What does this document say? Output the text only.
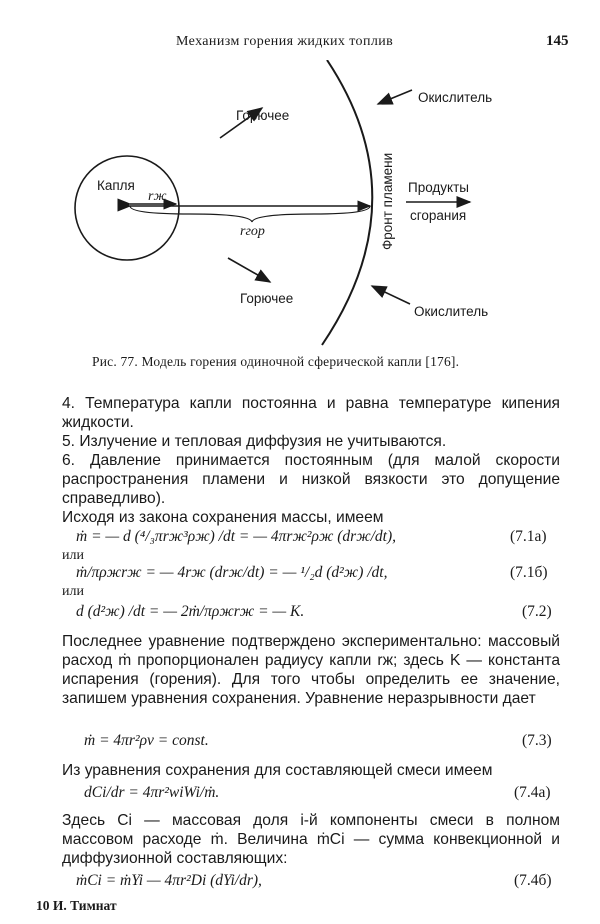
Механизм горения жидких топлив	145
Горючее
Горючее
Окислитель
Окислитель
Капля
rж
rгор	Фронт пламени Продукты
сгорания
Рис. 77. Модель горения одиночной сферической капли [176].
4. Температура капли постоянна и равна температуре кипения жидкости.
5. Излучение и тепловая диффузия не учитываются.
6. Давление принимается постоянным (для малой скорости распространения пламени и низкой вязкости это допущение справедливо).
Исходя из закона сохранения массы, имеем
ṁ = — d (⁴/₃πrж³ρж) /dt = — 4πrж²ρж (drж/dt),	(7.1а)
или
ṁ/πρжrж = — 4rж (drж/dt) = — ¹/₂d (d²ж) /dt,	(7.1б)
или
d (d²ж) /dt = — 2ṁ/πρжrж = — K.	(7.2)
Последнее уравнение подтверждено экспериментально: массовый расход ṁ пропорционален радиусу капли rж; здесь K — константа испарения (горения). Для того чтобы определить ее значение, запишем уравнения сохранения. Уравнение неразрывности дает
ṁ = 4πr²ρv = const.	(7.3)
Из уравнения сохранения для составляющей смеси имеем
dCi/dr = 4πr²wiWi/ṁ.	(7.4а)
Здесь Ci — массовая доля i-й компоненты смеси в полном массовом расходе ṁ. Величина ṁCi — сумма конвекционной и диффузионной составляющих:
ṁCi = ṁYi — 4πr²Di (dYi/dr),	(7.4б)
10 И. Тимнат
